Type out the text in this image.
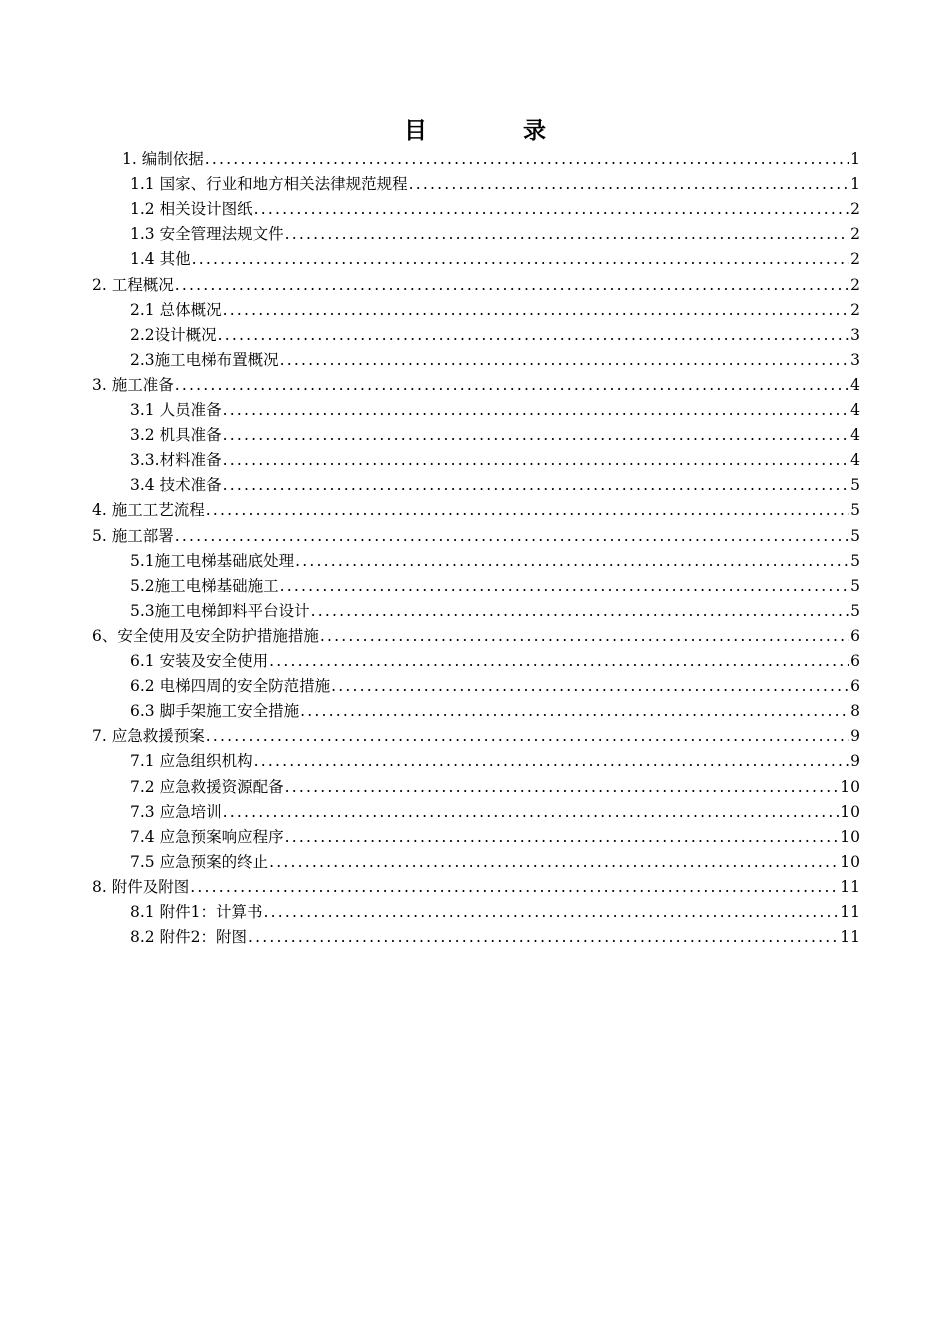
目	录
1. 编制依据 .....	1
1.1 国家、行业和地方相关法律规范规程 .....	1
1.2 相关设计图纸 .....	2
1.3 安全管理法规文件 .....	2
1.4 其他 .....	2
2. 工程概况 .....	2
2.1 总体概况 .....	2
2.2设计概况 .....	3
2.3施工电梯布置概况 .....	3
3. 施工准备 .....	4
3.1 人员准备 .....	4
3.2 机具准备 .....	4
3.3.材料准备 .....	4
3.4 技术准备 .....	5
4. 施工工艺流程 .....	5
5. 施工部署 .....	5
5.1施工电梯基础底处理 .....	5
5.2施工电梯基础施工 .....	5
5.3施工电梯卸料平台设计 .....	5
6、安全使用及安全防护措施措施 .....	6
6.1 安装及安全使用 .....	6
6.2 电梯四周的安全防范措施 .....	6
6.3 脚手架施工安全措施 .....	8
7. 应急救援预案 .....	9
7.1 应急组织机构 .....	9
7.2 应急救援资源配备 .....	10
7.3 应急培训 .....	10
7.4 应急预案响应程序 .....	10
7.5 应急预案的终止 .....	10
8. 附件及附图 .....	11
8.1 附件1：计算书 .....	11
8.2 附件2：附图 .....	11
